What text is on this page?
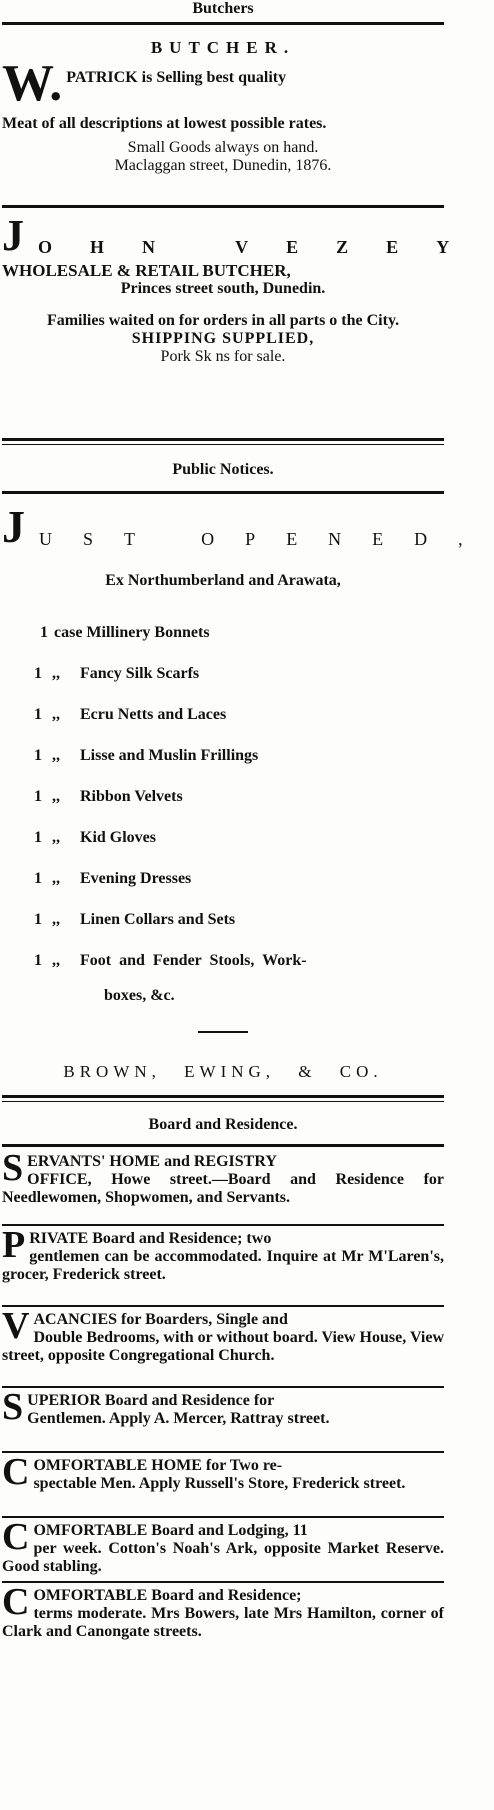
Butchers

BUTCHER.

W. PATRICK is Selling best quality

Meat of all descriptions at lowest possible rates.

Small Goods always on hand.

Maclaggan street, Dunedin, 1876.

J OHN VEZEY

WHOLESALE & RETAIL BUTCHER,

Princes street south, Dunedin.

Families waited on for orders in all parts o the City.

SHIPPING SUPPLIED,

Pork Sk ns for sale.

Public Notices.

J UST OPENED,

Ex Northumberland and Arawata,

1 case Millinery Bonnets
1 ,,	Fancy Silk Scarfs
1 ,,	Ecru Netts and Laces
1 ,,	Lisse and Muslin Frillings
1 ,,	Ribbon Velvets
1 ,,	Kid Gloves
1 ,,	Evening Dresses
1 ,,	Linen Collars and Sets
1 ,,	Foot and Fender Stools, Work-

boxes, &c.

BROWN, EWING, & CO.

Board and Residence.

S ERVANTS' HOME and REGISTRY

OFFICE, Howe street.—Board and Residence for Needlewomen, Shopwomen, and Servants.

P RIVATE Board and Residence; two

gentlemen can be accommodated. Inquire at Mr M'Laren's, grocer, Frederick street.

V ACANCIES for Boarders, Single and

Double Bedrooms, with or without board. View House, View street, opposite Congregational Church.

S UPERIOR Board and Residence for

Gentlemen. Apply A. Mercer, Rattray street.

C OMFORTABLE HOME for Two re-

spectable Men. Apply Russell's Store, Frederick street.

C OMFORTABLE Board and Lodging, 11

per week. Cotton's Noah's Ark, opposite Market Reserve. Good stabling.

C OMFORTABLE Board and Residence;

terms moderate. Mrs Bowers, late Mrs Hamilton, corner of Clark and Canongate streets.
